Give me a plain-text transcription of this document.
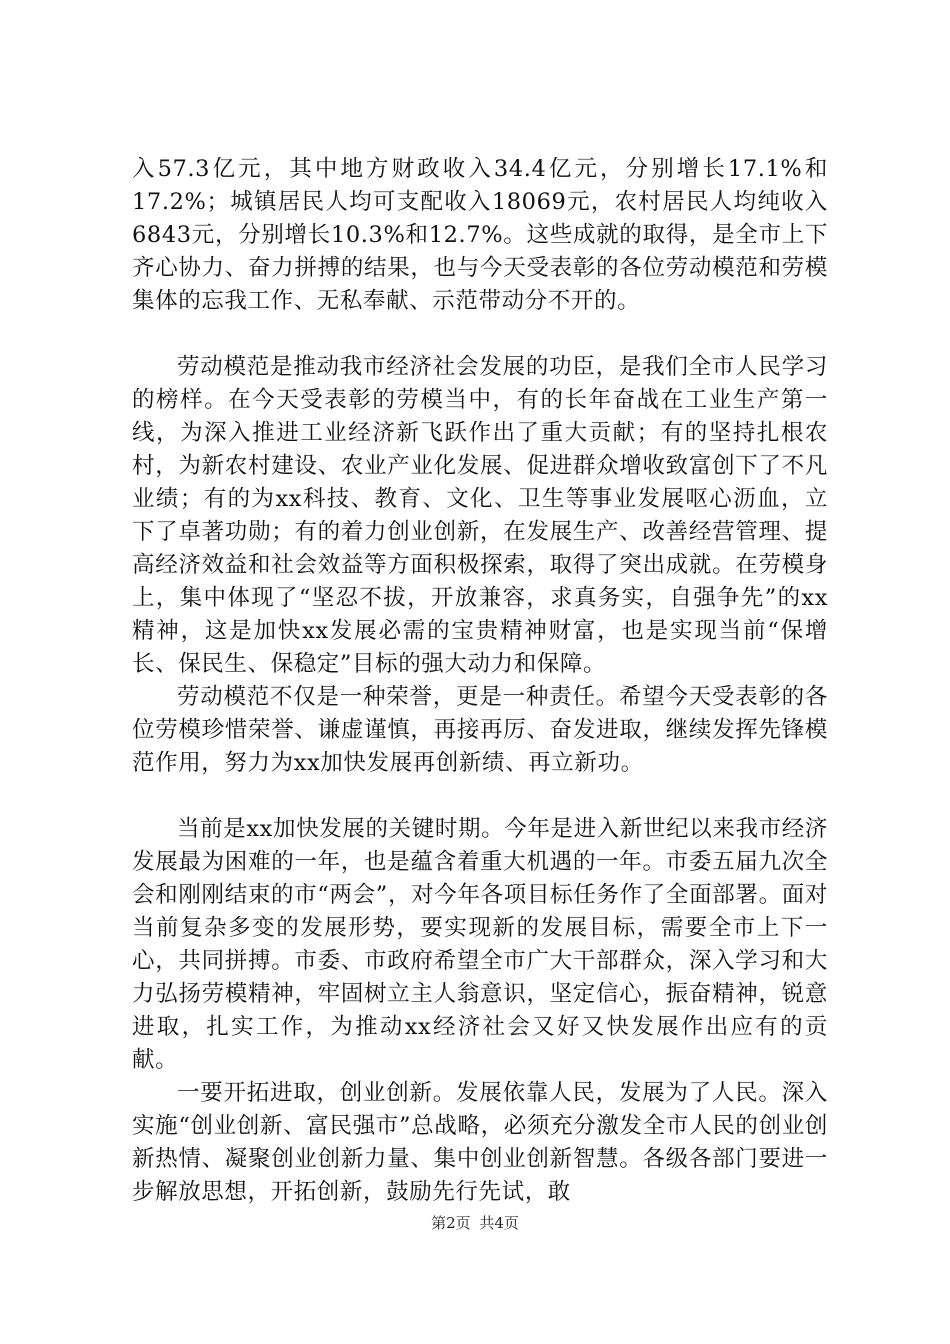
入57.3亿元，其中地方财政收入34.4亿元，分别增长17.1%和17.2%；城镇居民人均可支配收入18069元，农村居民人均纯收入6843元，分别增长10.3%和12.7%。这些成就的取得，是全市上下齐心协力、奋力拼搏的结果，也与今天受表彰的各位劳动模范和劳模集体的忘我工作、无私奉献、示范带动分不开的。

劳动模范是推动我市经济社会发展的功臣，是我们全市人民学习的榜样。在今天受表彰的劳模当中，有的长年奋战在工业生产第一线，为深入推进工业经济新飞跃作出了重大贡献；有的坚持扎根农村，为新农村建设、农业产业化发展、促进群众增收致富创下了不凡业绩；有的为xx科技、教育、文化、卫生等事业发展呕心沥血，立下了卓著功勋；有的着力创业创新，在发展生产、改善经营管理、提高经济效益和社会效益等方面积极探索，取得了突出成就。在劳模身上，集中体现了“坚忍不拔，开放兼容，求真务实，自强争先”的xx精神，这是加快xx发展必需的宝贵精神财富，也是实现当前“保增长、保民生、保稳定”目标的强大动力和保障。

劳动模范不仅是一种荣誉，更是一种责任。希望今天受表彰的各位劳模珍惜荣誉、谦虚谨慎，再接再厉、奋发进取，继续发挥先锋模范作用，努力为xx加快发展再创新绩、再立新功。

当前是xx加快发展的关键时期。今年是进入新世纪以来我市经济发展最为困难的一年，也是蕴含着重大机遇的一年。市委五届九次全会和刚刚结束的市“两会”，对今年各项目标任务作了全面部署。面对当前复杂多变的发展形势，要实现新的发展目标，需要全市上下一心，共同拼搏。市委、市政府希望全市广大干部群众，深入学习和大力弘扬劳模精神，牢固树立主人翁意识，坚定信心，振奋精神，锐意进取，扎实工作，为推动xx经济社会又好又快发展作出应有的贡献。

一要开拓进取，创业创新。发展依靠人民，发展为了人民。深入实施“创业创新、富民强市”总战略，必须充分激发全市人民的创业创新热情、凝聚创业创新力量、集中创业创新智慧。各级各部门要进一步解放思想，开拓创新，鼓励先行先试，敢

第2页 共4页
